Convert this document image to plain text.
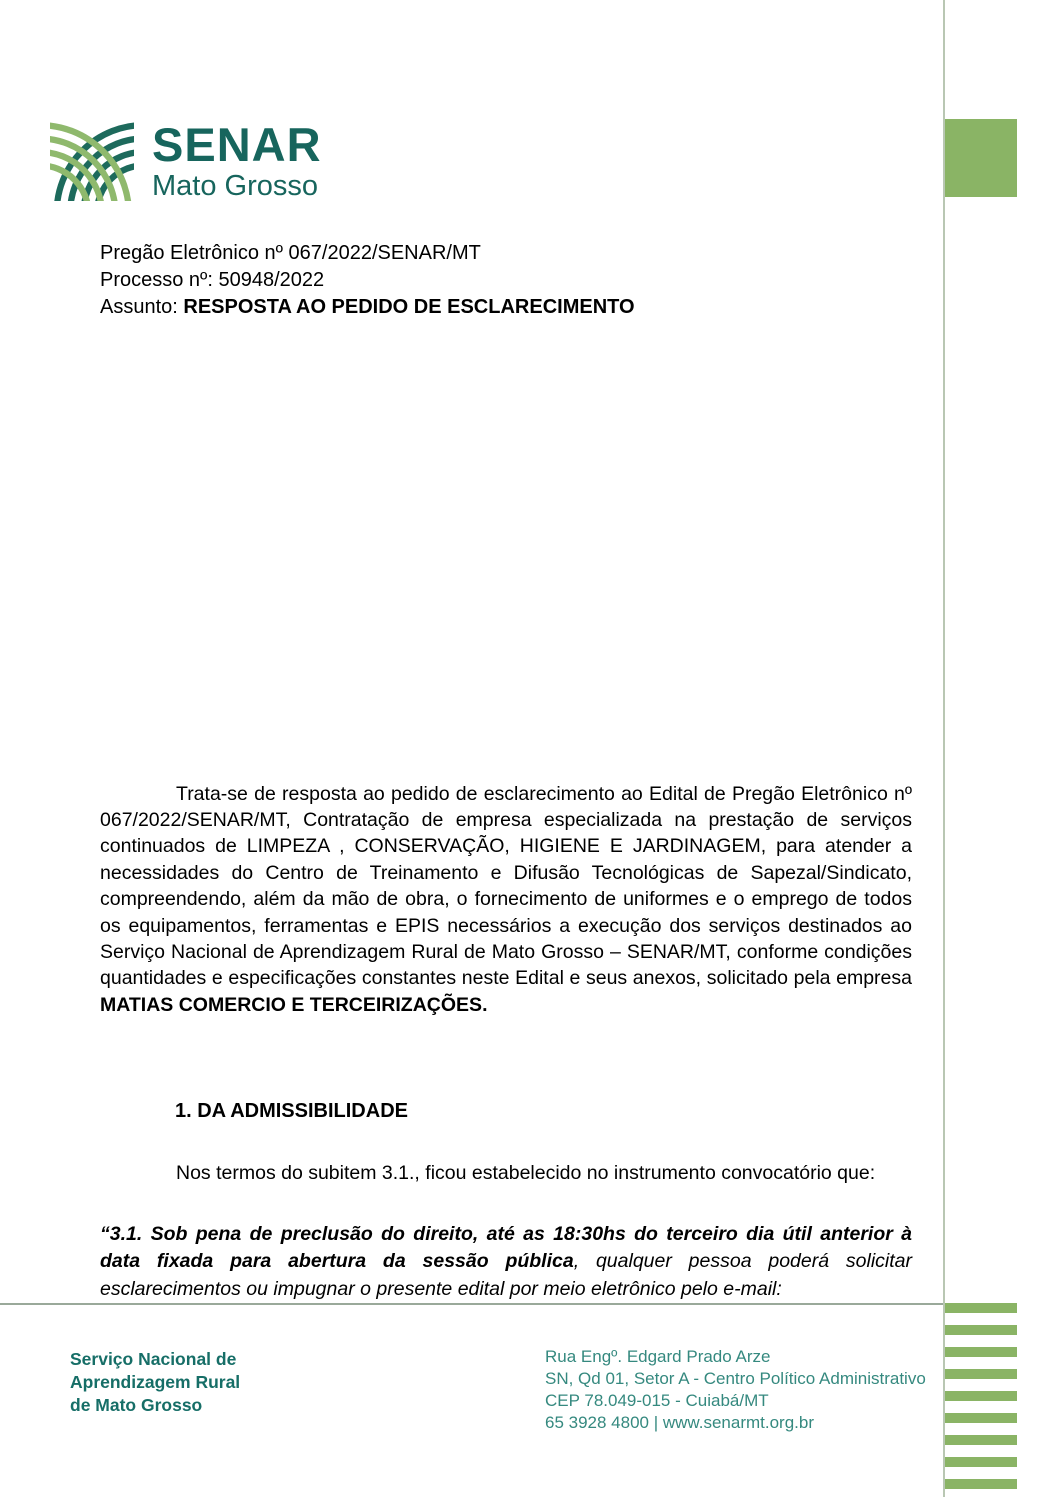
SENAR
Mato Grosso
Pregão Eletrônico nº 067/2022/SENAR/MT
Processo nº: 50948/2022
Assunto: RESPOSTA AO PEDIDO DE ESCLARECIMENTO

Trata-se de resposta ao pedido de esclarecimento ao Edital de Pregão Eletrônico nº 067/2022/SENAR/MT, Contratação de empresa especializada na prestação de serviços continuados de LIMPEZA , CONSERVAÇÃO, HIGIENE E JARDINAGEM, para atender a necessidades do Centro de Treinamento e Difusão Tecnológicas de Sapezal/Sindicato, compreendendo, além da mão de obra, o fornecimento de uniformes e o emprego de todos os equipamentos, ferramentas e EPIS necessários a execução dos serviços destinados ao Serviço Nacional de Aprendizagem Rural de Mato Grosso – SENAR/MT, conforme condições quantidades e especificações constantes neste Edital e seus anexos, solicitado pela empresa MATIAS COMERCIO E TERCEIRIZAÇÕES.

1. DA ADMISSIBILIDADE

Nos termos do subitem 3.1., ficou estabelecido no instrumento convocatório que:

“3.1. Sob pena de preclusão do direito, até as 18:30hs do terceiro dia útil anterior à data fixada para abertura da sessão pública, qualquer pessoa poderá solicitar esclarecimentos ou impugnar o presente edital por meio eletrônico pelo e-mail:

Serviço Nacional de
Aprendizagem Rural
de Mato Grosso
Rua Engº. Edgard Prado Arze
SN, Qd 01, Setor A - Centro Político Administrativo
CEP 78.049-015 - Cuiabá/MT
65 3928 4800 | www.senarmt.org.br
